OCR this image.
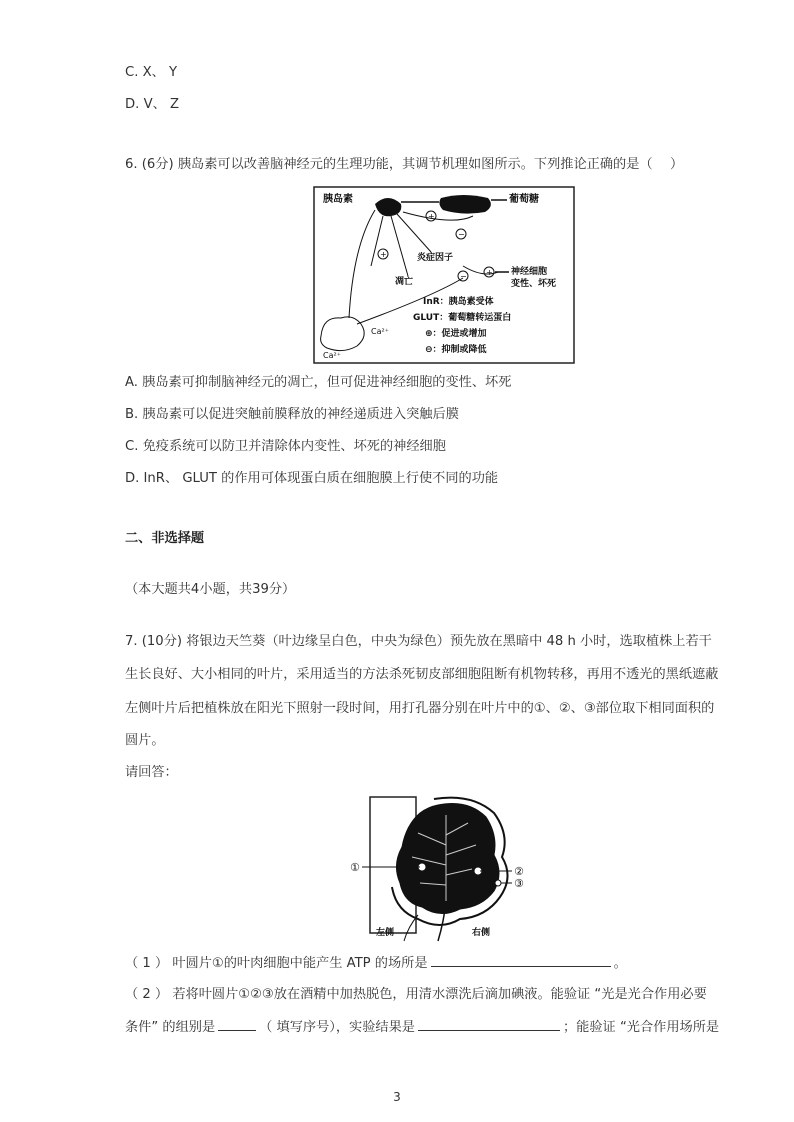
C. X、 Y
D. V、 Z
6. (6分) 胰岛素可以改善脑神经元的生理功能，其调节机理如图所示。下列推论正确的是（　 ）
胰岛素	葡萄糖
+
−
+
−
炎症因子
凋亡
+ 神经细胞
变性、坏死
InR：胰岛素受体
GLUT：葡萄糖转运蛋白
⊕：促进或增加
⊖：抑制或降低
Ca²⁺
Ca²⁺
A. 胰岛素可抑制脑神经元的凋亡，但可促进神经细胞的变性、坏死
B. 胰岛素可以促进突触前膜释放的神经递质进入突触后膜
C. 免疫系统可以防卫并清除体内变性、坏死的神经细胞
D. InR、 GLUT 的作用可体现蛋白质在细胞膜上行使不同的功能
二、非选择题
（本大题共4小题，共39分）
7. (10分) 将银边天竺葵（叶边缘呈白色，中央为绿色）预先放在黑暗中 48 h 小时，选取植株上若干
生长良好、大小相同的叶片，采用适当的方法杀死韧皮部细胞阻断有机物转移，再用不透光的黑纸遮蔽
左侧叶片后把植株放在阳光下照射一段时间，用打孔器分别在叶片中的①、②、③部位取下相同面积的
圆片。
请回答：
黑纸
①	②
③
左侧	右侧
（ 1 ） 叶圆片①的叶肉细胞中能产生 ATP 的场所是	。
（ 2 ） 若将叶圆片①②③放在酒精中加热脱色，用清水漂洗后滴加碘液。能验证 “光是光合作用必要
条件” 的组别是	（ 填写序号），实验结果是	；能验证 “光合作用场所是
3
